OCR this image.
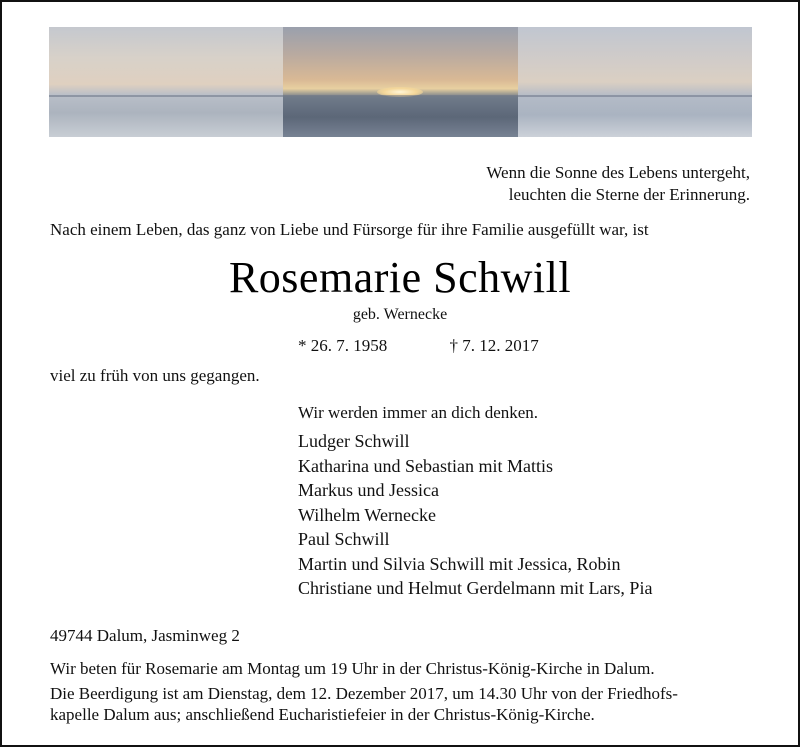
Wenn die Sonne des Lebens untergeht,
leuchten die Sterne der Erinnerung.
Nach einem Leben, das ganz von Liebe und Fürsorge für ihre Familie ausgefüllt war, ist
Rosemarie Schwill
geb. Wernecke
* 26. 7. 1958	† 7. 12. 2017
viel zu früh von uns gegangen.
Wir werden immer an dich denken.
Ludger Schwill
Katharina und Sebastian mit Mattis
Markus und Jessica
Wilhelm Wernecke
Paul Schwill
Martin und Silvia Schwill mit Jessica, Robin
Christiane und Helmut Gerdelmann mit Lars, Pia
49744 Dalum, Jasminweg 2
Wir beten für Rosemarie am Montag um 19 Uhr in der Christus-König-Kirche in Dalum.
Die Beerdigung ist am Dienstag, dem 12. Dezember 2017, um 14.30 Uhr von der Friedhofs-
kapelle Dalum aus; anschließend Eucharistiefeier in der Christus-König-Kirche.
